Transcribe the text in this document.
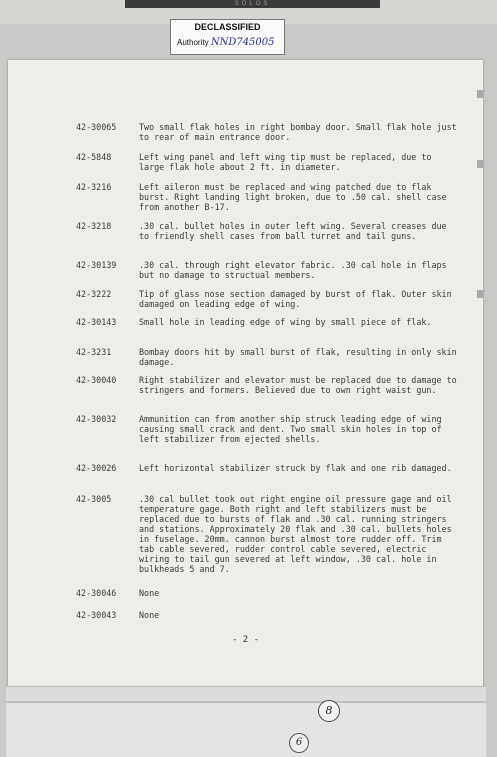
SOLOS
DECLASSIFIED
Authority NND745005
42-30065	Two small flak holes in right bombay door. Small flak hole just to rear of main entrance door.
42-5848	Left wing panel and left wing tip must be replaced, due to large flak hole about 2 ft. in diameter.
42-3216	Left aileron must be replaced and wing patched due to flak burst. Right landing light broken, due to .50 cal. shell case from another B-17.
42-3218	.30 cal. bullet holes in outer left wing. Several creases due to friendly shell cases from ball turret and tail guns.
42-30139	.30 cal. through right elevator fabric. .30 cal hole in flaps but no damage to structual members.
42-3222	Tip of glass nose section damaged by burst of flak. Outer skin damaged on leading edge of wing.
42-30143	Small hole in leading edge of wing by small piece of flak.
42-3231	Bombay doors hit by small burst of flak, resulting in only skin damage.
42-30040	Right stabilizer and elevator must be replaced due to damage to stringers and formers. Believed due to own right waist gun.
42-30032	Ammunition can from another ship struck leading edge of wing causing small crack and dent. Two small skin holes in top of left stabilizer from ejected shells.
42-30026	Left horizontal stabilizer struck by flak and one rib damaged.
42-3005	.30 cal bullet took out right engine oil pressure gage and oil temperature gage. Both right and left stabilizers must be replaced due to bursts of flak and .30 cal. running stringers and stations. Approximately 20 flak and .30 cal. bullets holes in fuselage. 20mm. cannon burst almost tore rudder off. Trim tab cable severed, rudder control cable severed, electric wiring to tail gun severed at left window, .30 cal. hole in bulkheads 5 and 7.
42-30046	None
42-30043	None
- 2 -
8
6
